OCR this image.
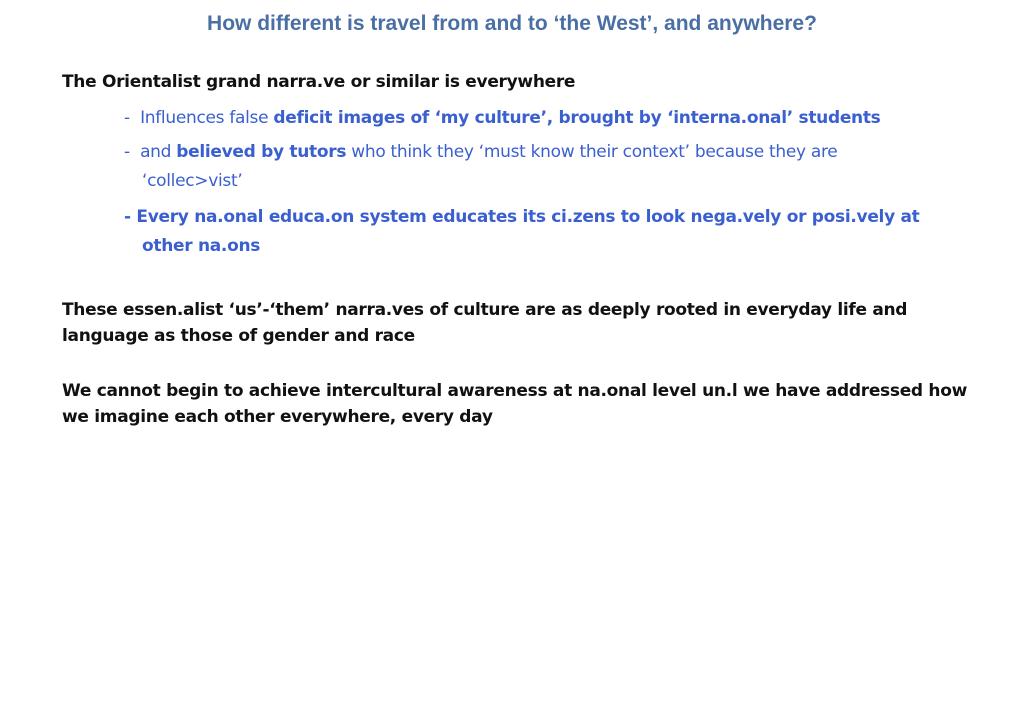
How different is travel from and to ‘the West’, and anywhere?
The Orientalist grand narra.ve or similar is everywhere
- Influences false deficit images of ‘my culture’, brought by ‘interna.onal’ students
- and believed by tutors who think they ‘must know their context’ because they are
‘collec>vist’
- Every na.onal educa.on system educates its ci.zens to look nega.vely or posi.vely at
other na.ons
These essen.alist ‘us’-‘them’ narra.ves of culture are as deeply rooted in everyday life and
language as those of gender and race
We cannot begin to achieve intercultural awareness at na.onal level un.l we have addressed how
we imagine each other everywhere, every day
